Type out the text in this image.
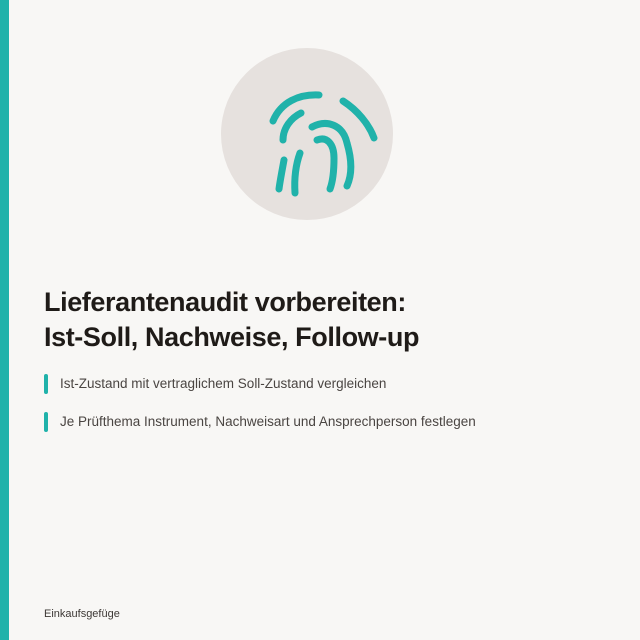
Lieferantenaudit vorbereiten:
Ist-Soll, Nachweise, Follow-up
Ist-Zustand mit vertraglichem Soll-Zustand vergleichen
Je Prüfthema Instrument, Nachweisart und Ansprechperson festlegen
Einkaufsgefüge
